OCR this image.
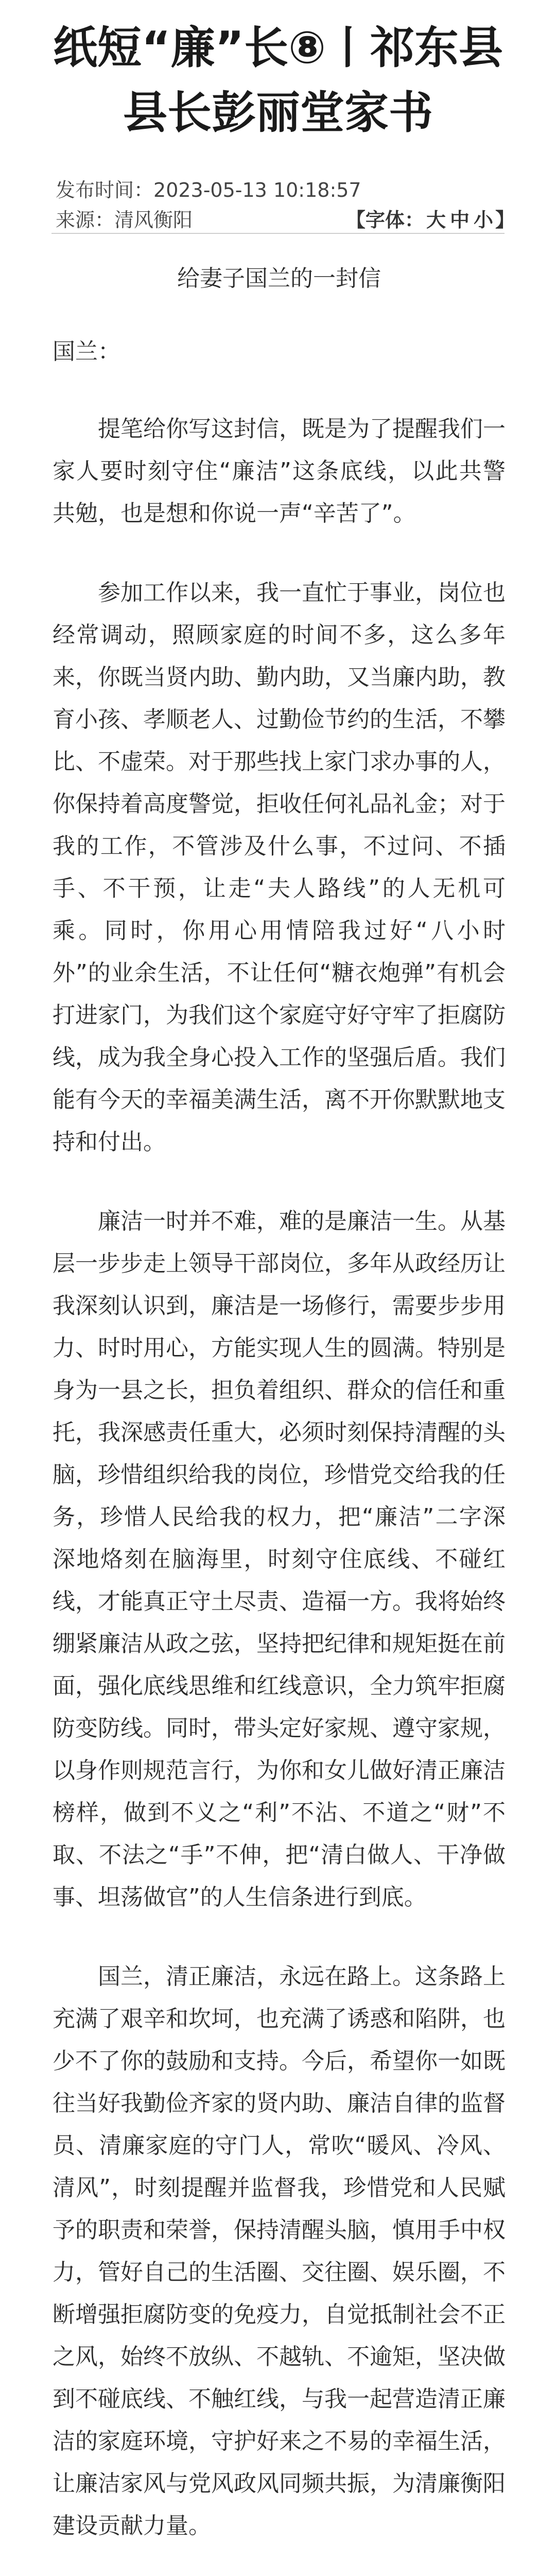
纸短“廉”长⑧丨祁东县
县长彭丽堂家书
发布时间：2023-05-13 10:18:57
来源：清风衡阳	【字体： 大 中 小 】
给妻子国兰的一封信
国兰：

提笔给你写这封信，既是为了提醒我们一家人要时刻守住“廉洁”这条底线，以此共警共勉，也是想和你说一声“辛苦了”。

参加工作以来，我一直忙于事业，岗位也经常调动，照顾家庭的时间不多，这么多年来，你既当贤内助、勤内助，又当廉内助，教育小孩、孝顺老人、过勤俭节约的生活，不攀比、不虚荣。对于那些找上家门求办事的人，你保持着高度警觉，拒收任何礼品礼金；对于我的工作，不管涉及什么事，不过问、不插手、不干预，让走“夫人路线”的人无机可乘。同时，你用心用情陪我过好“八小时外”的业余生活，不让任何“糖衣炮弹”有机会打进家门，为我们这个家庭守好守牢了拒腐防线，成为我全身心投入工作的坚强后盾。我们能有今天的幸福美满生活，离不开你默默地支持和付出。

廉洁一时并不难，难的是廉洁一生。从基层一步步走上领导干部岗位，多年从政经历让我深刻认识到，廉洁是一场修行，需要步步用力、时时用心，方能实现人生的圆满。特别是身为一县之长，担负着组织、群众的信任和重托，我深感责任重大，必须时刻保持清醒的头脑，珍惜组织给我的岗位，珍惜党交给我的任务，珍惜人民给我的权力，把“廉洁”二字深深地烙刻在脑海里，时刻守住底线、不碰红线，才能真正守土尽责、造福一方。我将始终绷紧廉洁从政之弦，坚持把纪律和规矩挺在前面，强化底线思维和红线意识，全力筑牢拒腐防变防线。同时，带头定好家规、遵守家规，以身作则规范言行，为你和女儿做好清正廉洁榜样，做到不义之“利”不沾、不道之“财”不取、不法之“手”不伸，把“清白做人、干净做事、坦荡做官”的人生信条进行到底。

国兰，清正廉洁，永远在路上。这条路上充满了艰辛和坎坷，也充满了诱惑和陷阱，也少不了你的鼓励和支持。今后，希望你一如既往当好我勤俭齐家的贤内助、廉洁自律的监督员、清廉家庭的守门人，常吹“暖风、冷风、清风”，时刻提醒并监督我，珍惜党和人民赋予的职责和荣誉，保持清醒头脑，慎用手中权力，管好自己的生活圈、交往圈、娱乐圈，不断增强拒腐防变的免疫力，自觉抵制社会不正之风，始终不放纵、不越轨、不逾矩，坚决做到不碰底线、不触红线，与我一起营造清正廉洁的家庭环境，守护好来之不易的幸福生活，让廉洁家风与党风政风同频共振，为清廉衡阳建设贡献力量。
